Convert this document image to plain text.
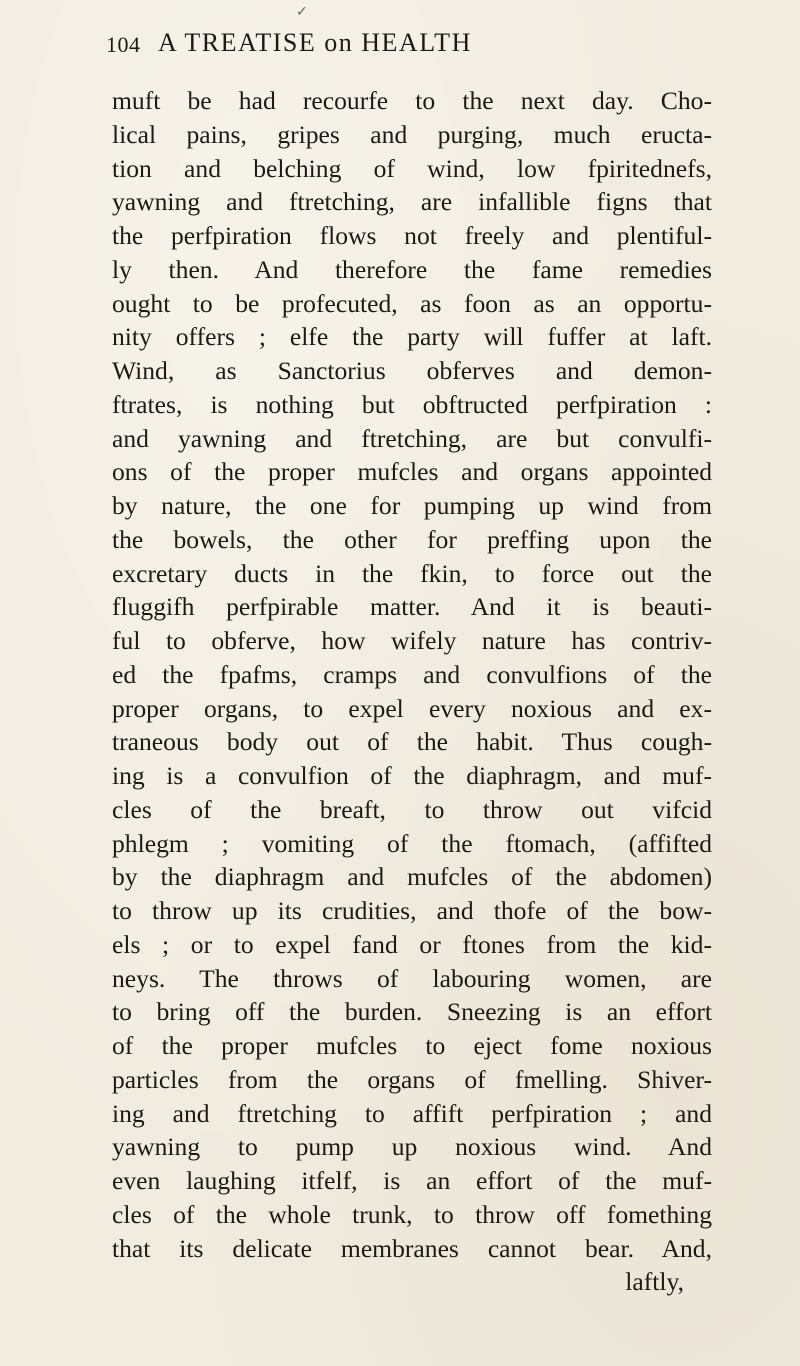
✓
104 A TREATISE on HEALTH
muft be had recourfe to the next day. Cho-
lical pains, gripes and purging, much eructa-
tion and belching of wind, low fpiritednefs,
yawning and ftretching, are infallible figns that
the perfpiration flows not freely and plentiful-
ly then. And therefore the fame remedies
ought to be profecuted, as foon as an opportu-
nity offers ; elfe the party will fuffer at laft.
Wind, as Sanctorius obferves and demon-
ftrates, is nothing but obftructed perfpiration :
and yawning and ftretching, are but convulfi-
ons of the proper mufcles and organs appointed
by nature, the one for pumping up wind from
the bowels, the other for preffing upon the
excretary ducts in the fkin, to force out the
fluggifh perfpirable matter. And it is beauti-
ful to obferve, how wifely nature has contriv-
ed the fpafms, cramps and convulfions of the
proper organs, to expel every noxious and ex-
traneous body out of the habit. Thus cough-
ing is a convulfion of the diaphragm, and muf-
cles of the breaft, to throw out vifcid
phlegm ; vomiting of the ftomach, (affifted
by the diaphragm and mufcles of the abdomen)
to throw up its crudities, and thofe of the bow-
els ; or to expel fand or ftones from the kid-
neys. The throws of labouring women, are
to bring off the burden. Sneezing is an effort
of the proper mufcles to eject fome noxious
particles from the organs of fmelling. Shiver-
ing and ftretching to affift perfpiration ; and
yawning to pump up noxious wind. And
even laughing itfelf, is an effort of the muf-
cles of the whole trunk, to throw off fomething
that its delicate membranes cannot bear. And,
laftly,
